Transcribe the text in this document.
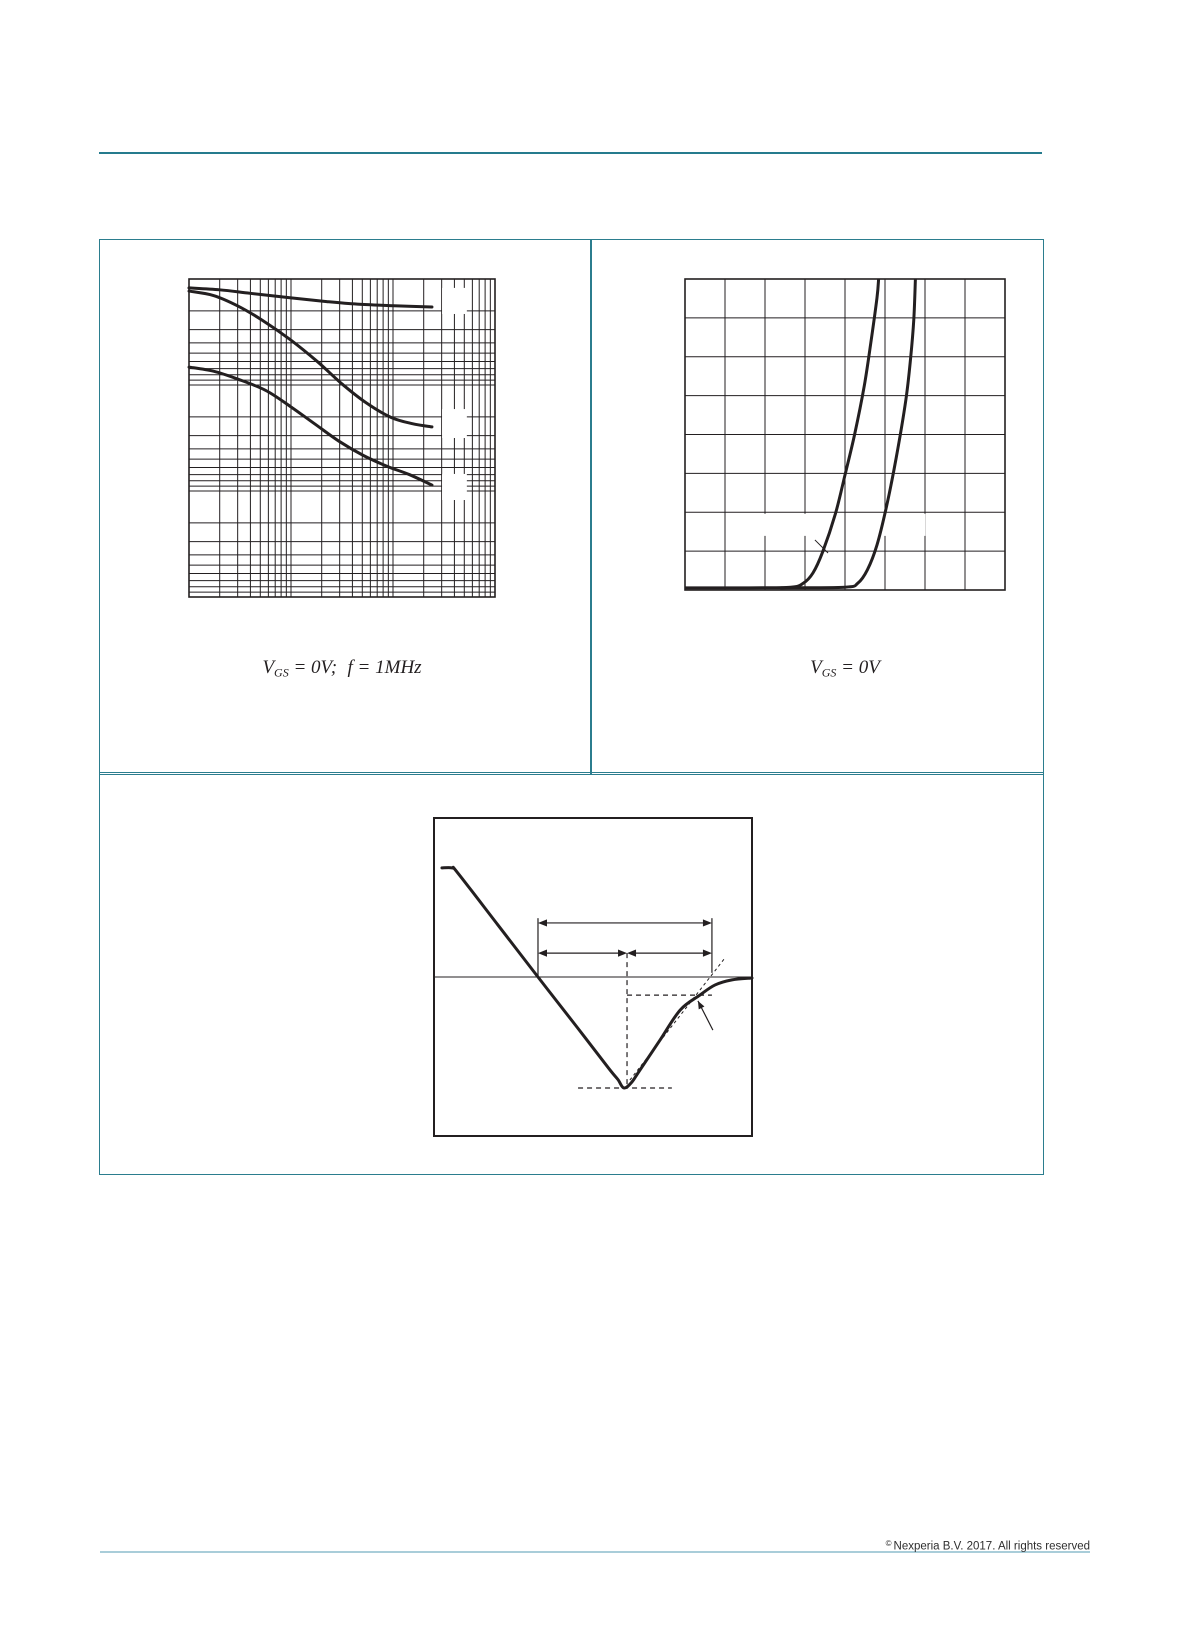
$V_{GS} = 0V$; f = 1MHz	$V_{GS} = 0V$
© Nexperia B.V. 2017. All rights reserved
